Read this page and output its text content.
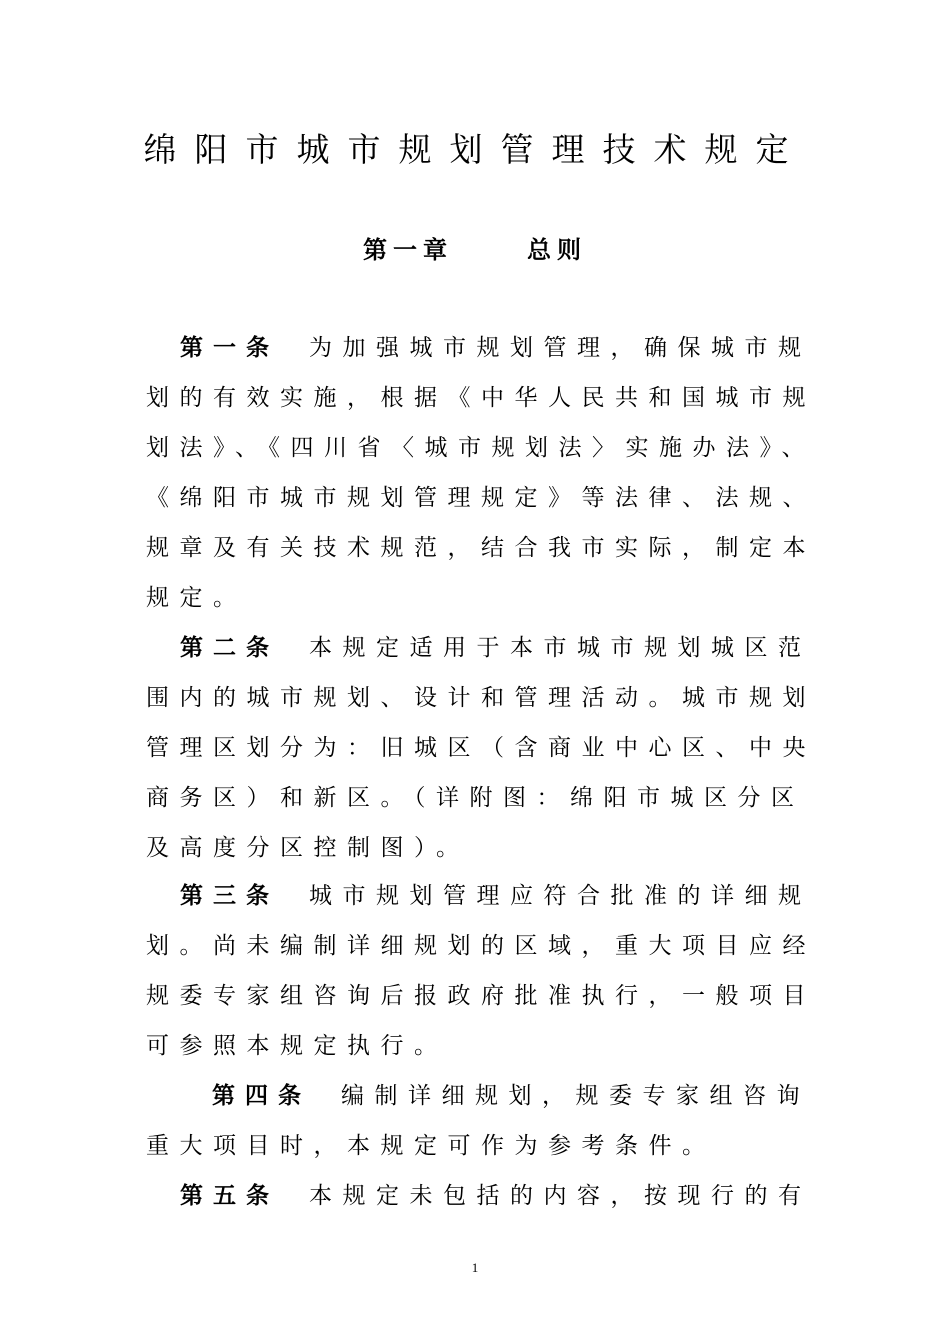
绵阳市城市规划管理技术规定
第一章	总则
第一条 为加强城市规划管理，确保城市规
划的有效实施，根据《中华人民共和国城市规
划法》、《四川省〈城市规划法〉实施办法》、
《绵阳市城市规划管理规定》等法律、法规、
规章及有关技术规范，结合我市实际，制定本
规定。
第二条 本规定适用于本市城市规划城区范
围内的城市规划、设计和管理活动。城市规划
管理区划分为：旧城区（含商业中心区、中央
商务区）和新区。（详附图：绵阳市城区分区
及高度分区控制图）。
第三条 城市规划管理应符合批准的详细规
划。尚未编制详细规划的区域，重大项目应经
规委专家组咨询后报政府批准执行，一般项目
可参照本规定执行。
第四条 编制详细规划，规委专家组咨询
重大项目时，本规定可作为参考条件。
第五条 本规定未包括的内容，按现行的有
1
